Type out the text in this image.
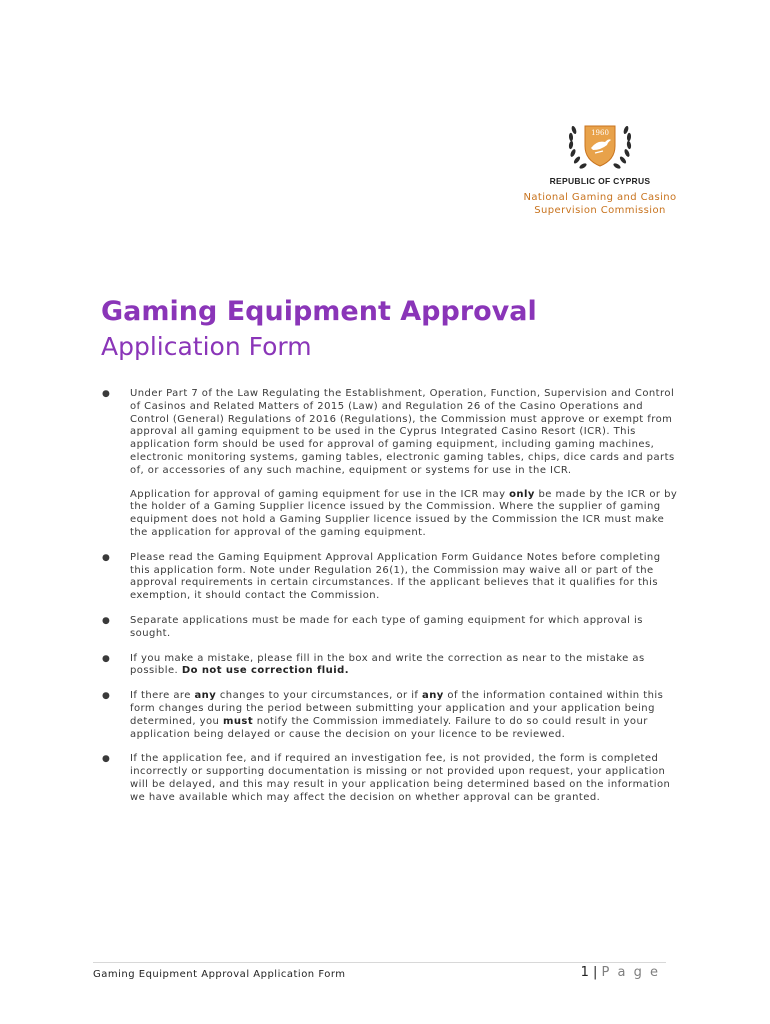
1960
REPUBLIC OF CYPRUS
National Gaming and Casino
Supervision Commission
Gaming Equipment Approval
Application Form
● Under Part 7 of the Law Regulating the Establishment, Operation, Function, Supervision and Control of Casinos and Related Matters of 2015 (Law) and Regulation 26 of the Casino Operations and Control (General) Regulations of 2016 (Regulations), the Commission must approve or exempt from approval all gaming equipment to be used in the Cyprus Integrated Casino Resort (ICR). This application form should be used for approval of gaming equipment, including gaming machines, electronic monitoring systems, gaming tables, electronic gaming tables, chips, dice cards and parts of, or accessories of any such machine, equipment or systems for use in the ICR.

Application for approval of gaming equipment for use in the ICR may only be made by the ICR or by the holder of a Gaming Supplier licence issued by the Commission. Where the supplier of gaming equipment does not hold a Gaming Supplier licence issued by the Commission the ICR must make the application for approval of the gaming equipment.

● Please read the Gaming Equipment Approval Application Form Guidance Notes before completing this application form. Note under Regulation 26(1), the Commission may waive all or part of the approval requirements in certain circumstances. If the applicant believes that it qualifies for this exemption, it should contact the Commission.

● Separate applications must be made for each type of gaming equipment for which approval is sought.

● If you make a mistake, please fill in the box and write the correction as near to the mistake as possible. Do not use correction fluid.

● If there are any changes to your circumstances, or if any of the information contained within this form changes during the period between submitting your application and your application being determined, you must notify the Commission immediately. Failure to do so could result in your application being delayed or cause the decision on your licence to be reviewed.

● If the application fee, and if required an investigation fee, is not provided, the form is completed incorrectly or supporting documentation is missing or not provided upon request, your application will be delayed, and this may result in your application being determined based on the information we have available which may affect the decision on whether approval can be granted.

Gaming Equipment Approval Application Form	1 | P a g e
